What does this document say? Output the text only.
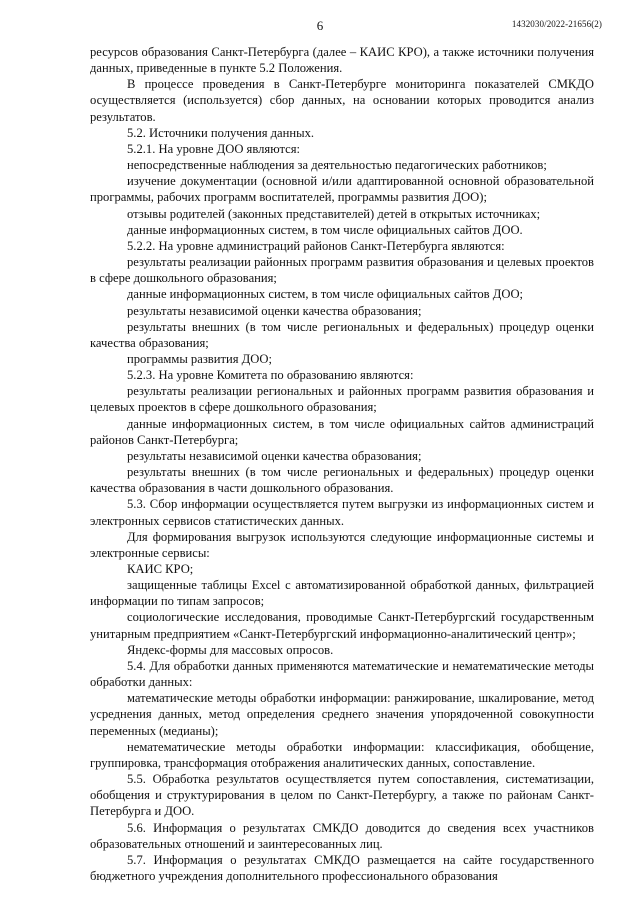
6	1432030/2022-21656(2)

ресурсов образования Санкт-Петербурга (далее – КАИС КРО), а также источники получения данных, приведенные в пункте 5.2 Положения.

В процессе проведения в Санкт-Петербурге мониторинга показателей СМКДО осуществляется (используется) сбор данных, на основании которых проводится анализ результатов.

5.2. Источники получения данных.

5.2.1. На уровне ДОО являются:

непосредственные наблюдения за деятельностью педагогических работников;

изучение документации (основной и/или адаптированной основной образовательной программы, рабочих программ воспитателей, программы развития ДОО);

отзывы родителей (законных представителей) детей в открытых источниках;

данные информационных систем, в том числе официальных сайтов ДОО.

5.2.2. На уровне администраций районов Санкт-Петербурга являются:

результаты реализации районных программ развития образования и целевых проектов в сфере дошкольного образования;

данные информационных систем, в том числе официальных сайтов ДОО;

результаты независимой оценки качества образования;

результаты внешних (в том числе региональных и федеральных) процедур оценки качества образования;

программы развития ДОО;

5.2.3. На уровне Комитета по образованию являются:

результаты реализации региональных и районных программ развития образования и целевых проектов в сфере дошкольного образования;

данные информационных систем, в том числе официальных сайтов администраций районов Санкт-Петербурга;

результаты независимой оценки качества образования;

результаты внешних (в том числе региональных и федеральных) процедур оценки качества образования в части дошкольного образования.

5.3. Сбор информации осуществляется путем выгрузки из информационных систем и электронных сервисов статистических данных.

Для формирования выгрузок используются следующие информационные системы и электронные сервисы:

КАИС КРО;

защищенные таблицы Excel с автоматизированной обработкой данных, фильтрацией информации по типам запросов;

социологические исследования, проводимые Санкт-Петербургский государственным унитарным предприятием «Санкт-Петербургский информационно-аналитический центр»;

Яндекс-формы для массовых опросов.

5.4. Для обработки данных применяются математические и нематематические методы обработки данных:

математические методы обработки информации: ранжирование, шкалирование, метод усреднения данных, метод определения среднего значения упорядоченной совокупности переменных (медианы);

нематематические методы обработки информации: классификация, обобщение, группировка, трансформация отображения аналитических данных, сопоставление.

5.5. Обработка результатов осуществляется путем сопоставления, систематизации, обобщения и структурирования в целом по Санкт-Петербургу, а также по районам Санкт-Петербурга и ДОО.

5.6. Информация о результатах СМКДО доводится до сведения всех участников образовательных отношений и заинтересованных лиц.

5.7. Информация о результатах СМКДО размещается на сайте государственного бюджетного учреждения дополнительного профессионального образования
